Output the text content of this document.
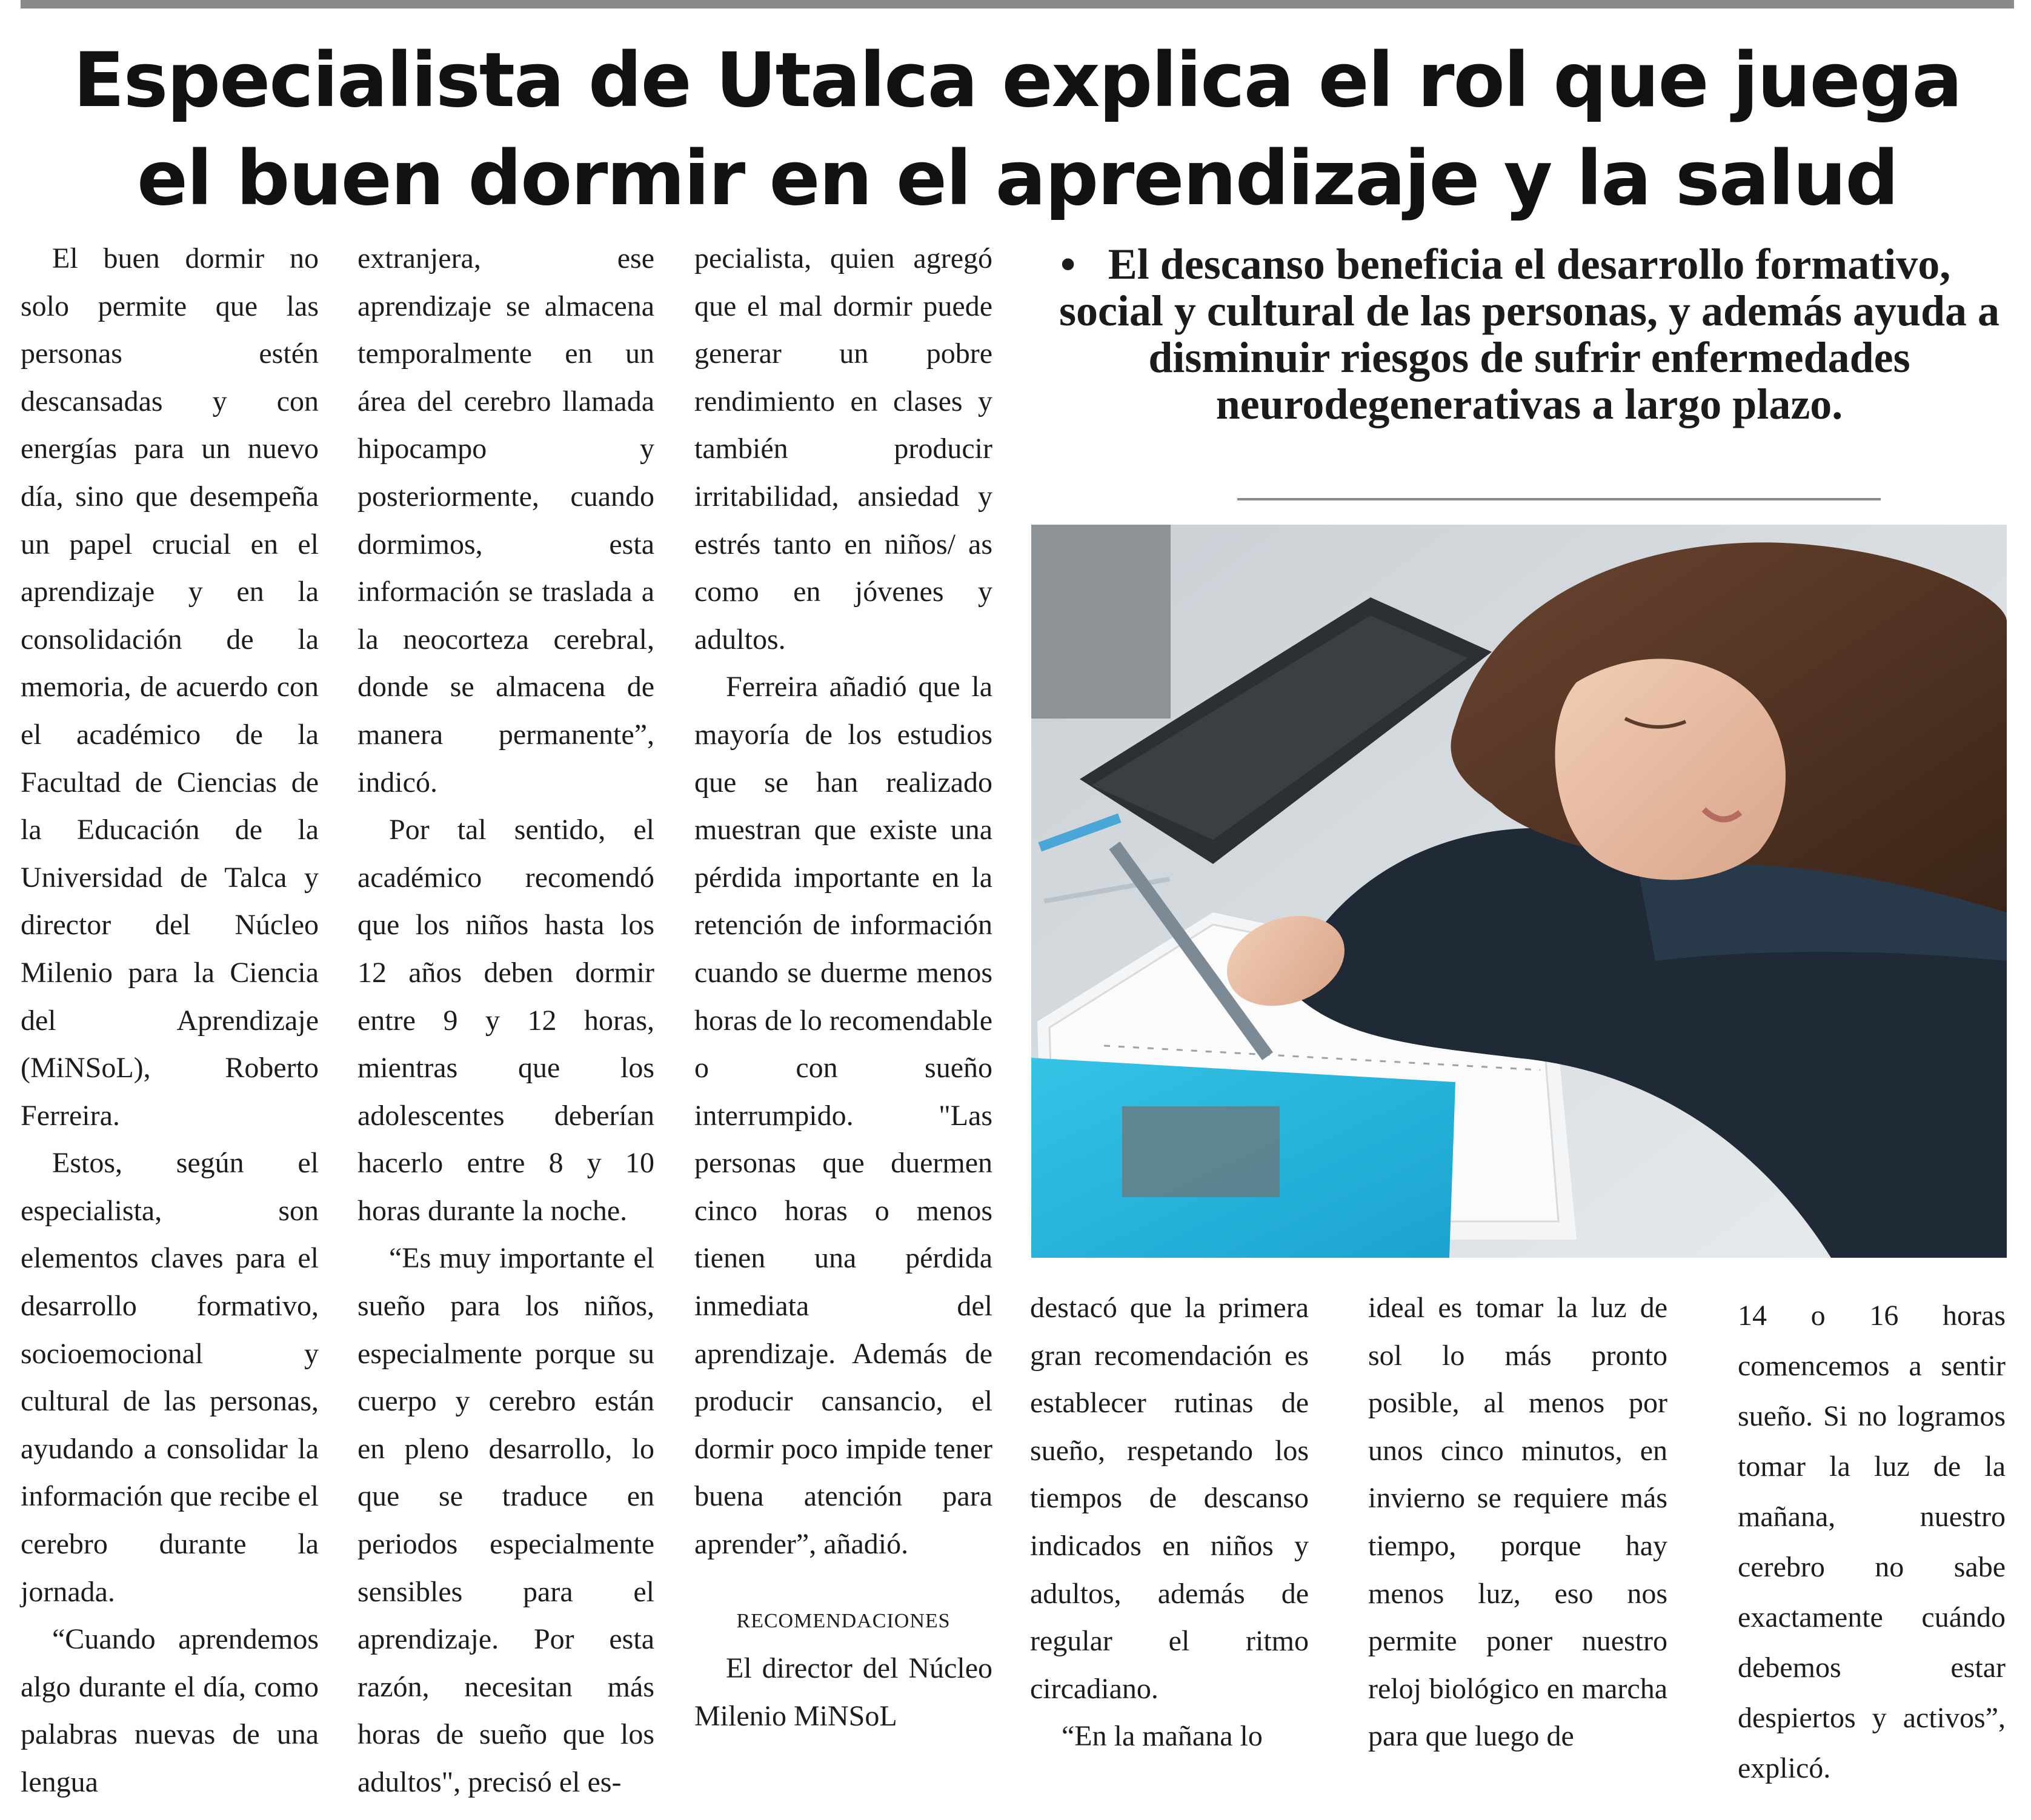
Especialista de Utalca explica el rol que juega
el buen dormir en el aprendizaje y la salud

El buen dormir no solo permite que las personas estén descansadas y con energías para un nuevo día, sino que desempeña un papel crucial en el aprendizaje y en la consolidación de la memoria, de acuerdo con el académico de la Facultad de Ciencias de la Educación de la Universidad de Talca y director del Núcleo Milenio para la Ciencia del Aprendizaje (MiNSoL), Roberto Ferreira.

Estos, según el especialista, son elementos claves para el desarrollo formativo, socioemocional y cultural de las personas, ayudando a consolidar la información que recibe el cerebro durante la jornada.

“Cuando aprendemos algo durante el día, como palabras nuevas de una lengua

extranjera, ese aprendizaje se almacena temporalmente en un área del cerebro llamada hipocampo y posteriormente, cuando dormimos, esta información se traslada a la neocorteza cerebral, donde se almacena de manera permanente”, indicó.

Por tal sentido, el académico recomendó que los niños hasta los 12 años deben dormir entre 9 y 12 horas, mientras que los adolescentes deberían hacerlo entre 8 y 10 horas durante la noche.

“Es muy importante el sueño para los niños, especialmente porque su cuerpo y cerebro están en pleno desarrollo, lo que se traduce en periodos especialmente sensibles para el aprendizaje. Por esta razón, necesitan más horas de sueño que los adultos", precisó el es-

pecialista, quien agregó que el mal dormir puede generar un pobre rendimiento en clases y también producir irritabilidad, ansiedad y estrés tanto en niños/ as como en jóvenes y adultos.

Ferreira añadió que la mayoría de los estudios que se han realizado muestran que existe una pérdida importante en la retención de información cuando se duerme menos horas de lo recomendable o con sueño interrumpido. "Las personas que duermen cinco horas o menos tienen una pérdida inmediata del aprendizaje. Además de producir cansancio, el dormir poco impide tener buena atención para aprender”, añadió.

RECOMENDACIONES

El director del Núcleo Milenio MiNSoL

• El descanso beneficia el desarrollo formativo, social y cultural de las personas, y además ayuda a disminuir riesgos de sufrir enfermedades neurodegenerativas a largo plazo.

destacó que la primera gran recomendación es establecer rutinas de sueño, respetando los tiempos de descanso indicados en niños y adultos, además de regular el ritmo circadiano.

“En la mañana lo

ideal es tomar la luz de sol lo más pronto posible, al menos por unos cinco minutos, en invierno se requiere más tiempo, porque hay menos luz, eso nos permite poner nuestro reloj biológico en marcha para que luego de

14 o 16 horas comencemos a sentir sueño. Si no logramos tomar la luz de la mañana, nuestro cerebro no sabe exactamente cuándo debemos estar despiertos y activos”, explicó.
